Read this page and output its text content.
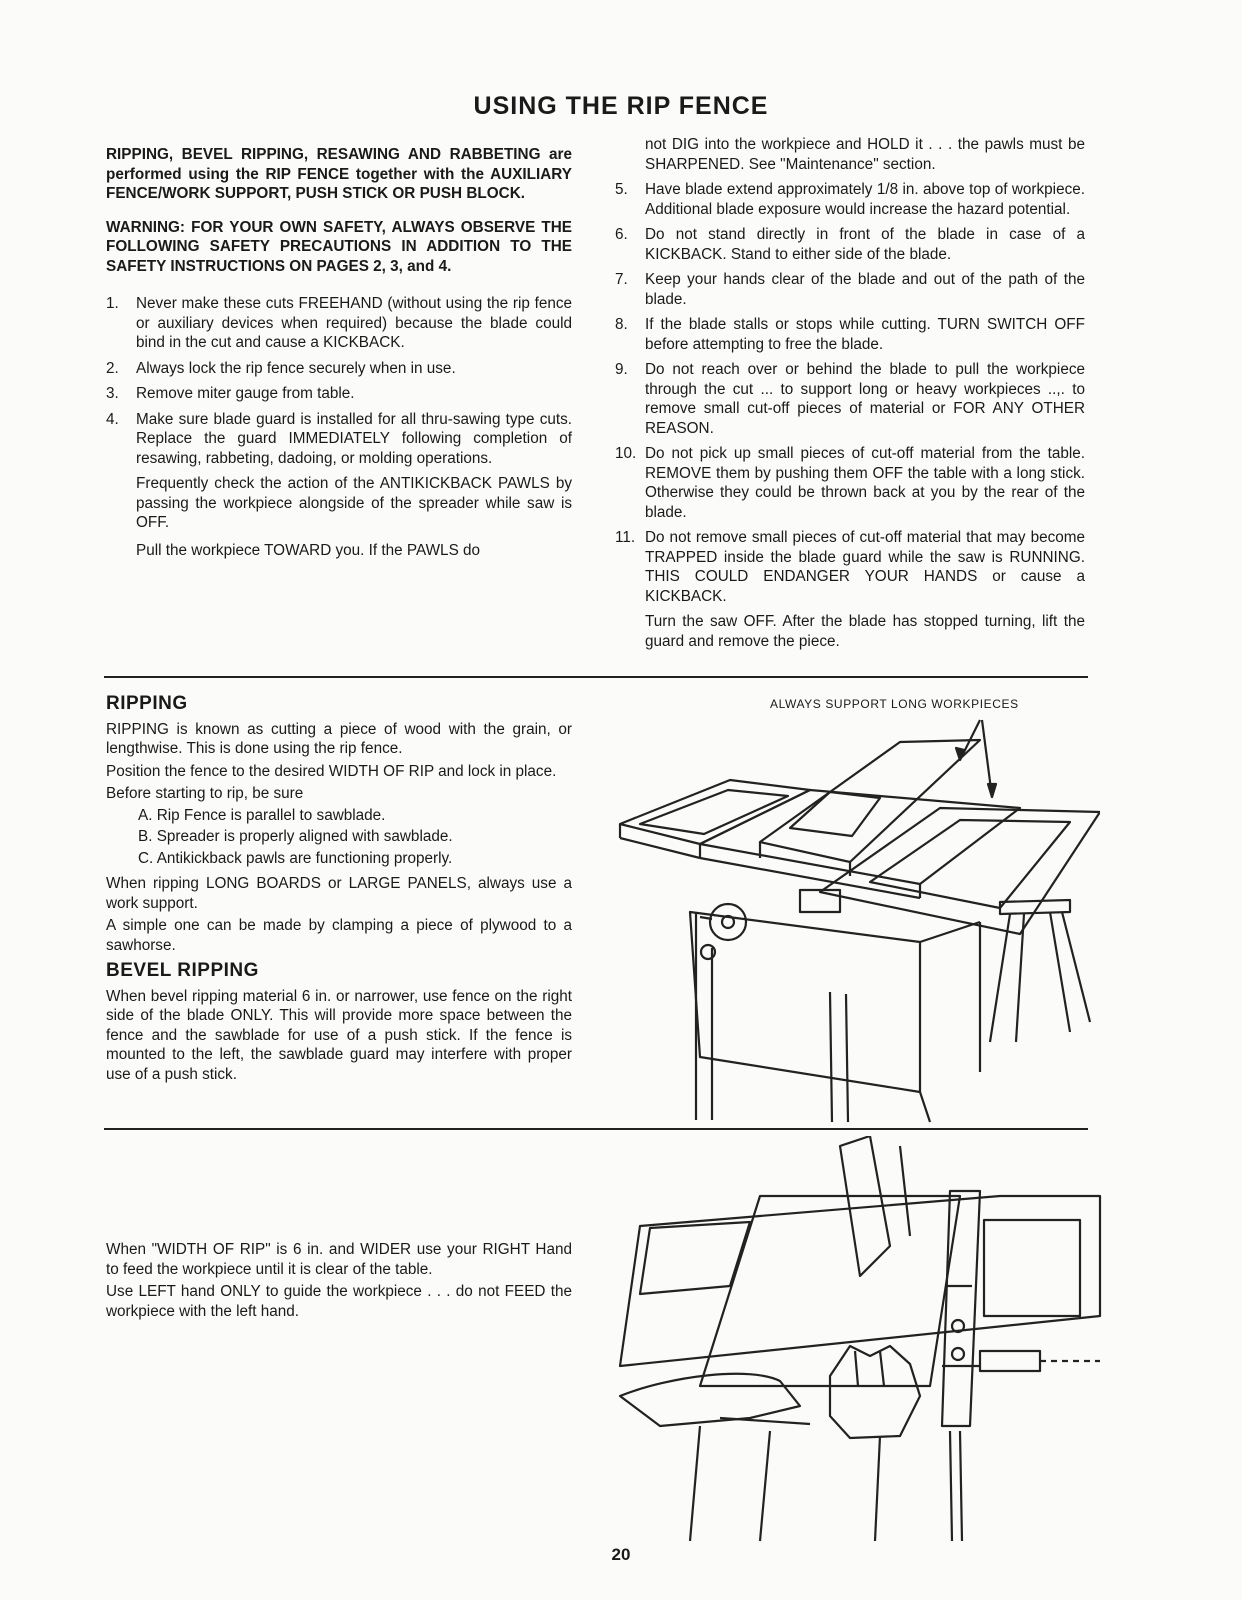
USING THE RIP FENCE

RIPPING, BEVEL RIPPING, RESAWING AND RABBETING are performed using the RIP FENCE together with the AUXILIARY FENCE/WORK SUPPORT, PUSH STICK OR PUSH BLOCK.

WARNING: FOR YOUR OWN SAFETY, ALWAYS OBSERVE THE FOLLOWING SAFETY PRECAUTIONS IN ADDITION TO THE SAFETY INSTRUCTIONS ON PAGES 2, 3, and 4.

1. Never make these cuts FREEHAND (without using the rip fence or auxiliary devices when required) because the blade could bind in the cut and cause a KICKBACK.
2. Always lock the rip fence securely when in use.
3. Remove miter gauge from table.
4. Make sure blade guard is installed for all thru-sawing type cuts. Replace the guard IMMEDIATELY following completion of resawing, rabbeting, dadoing, or molding operations.

Frequently check the action of the ANTIKICKBACK PAWLS by passing the workpiece alongside of the spreader while saw is OFF.

Pull the workpiece TOWARD you. If the PAWLS do

not DIG into the workpiece and HOLD it . . . the pawls must be SHARPENED. See "Maintenance" section.

5. Have blade extend approximately 1/8 in. above top of workpiece. Additional blade exposure would increase the hazard potential.
6. Do not stand directly in front of the blade in case of a KICKBACK. Stand to either side of the blade.
7. Keep your hands clear of the blade and out of the path of the blade.
8. If the blade stalls or stops while cutting. TURN SWITCH OFF before attempting to free the blade.
9. Do not reach over or behind the blade to pull the workpiece through the cut ... to support long or heavy workpieces ..,. to remove small cut-off pieces of material or FOR ANY OTHER REASON.
10. Do not pick up small pieces of cut-off material from the table. REMOVE them by pushing them OFF the table with a long stick. Otherwise they could be thrown back at you by the rear of the blade.
11. Do not remove small pieces of cut-off material that may become TRAPPED inside the blade guard while the saw is RUNNING. THIS COULD ENDANGER YOUR HANDS or cause a KICKBACK.

Turn the saw OFF. After the blade has stopped turning, lift the guard and remove the piece.

RIPPING

RIPPING is known as cutting a piece of wood with the grain, or lengthwise. This is done using the rip fence.

Position the fence to the desired WIDTH OF RIP and lock in place.

Before starting to rip, be sure

A. Rip Fence is parallel to sawblade.
B. Spreader is properly aligned with sawblade.
C. Antikickback pawls are functioning properly.

When ripping LONG BOARDS or LARGE PANELS, always use a work support.

A simple one can be made by clamping a piece of plywood to a sawhorse.

BEVEL RIPPING

When bevel ripping material 6 in. or narrower, use fence on the right side of the blade ONLY. This will provide more space between the fence and the sawblade for use of a push stick. If the fence is mounted to the left, the sawblade guard may interfere with proper use of a push stick.

ALWAYS SUPPORT LONG WORKPIECES

When "WIDTH OF RIP" is 6 in. and WIDER use your RIGHT Hand to feed the workpiece until it is clear of the table.

Use LEFT hand ONLY to guide the workpiece . . . do not FEED the workpiece with the left hand.

20
